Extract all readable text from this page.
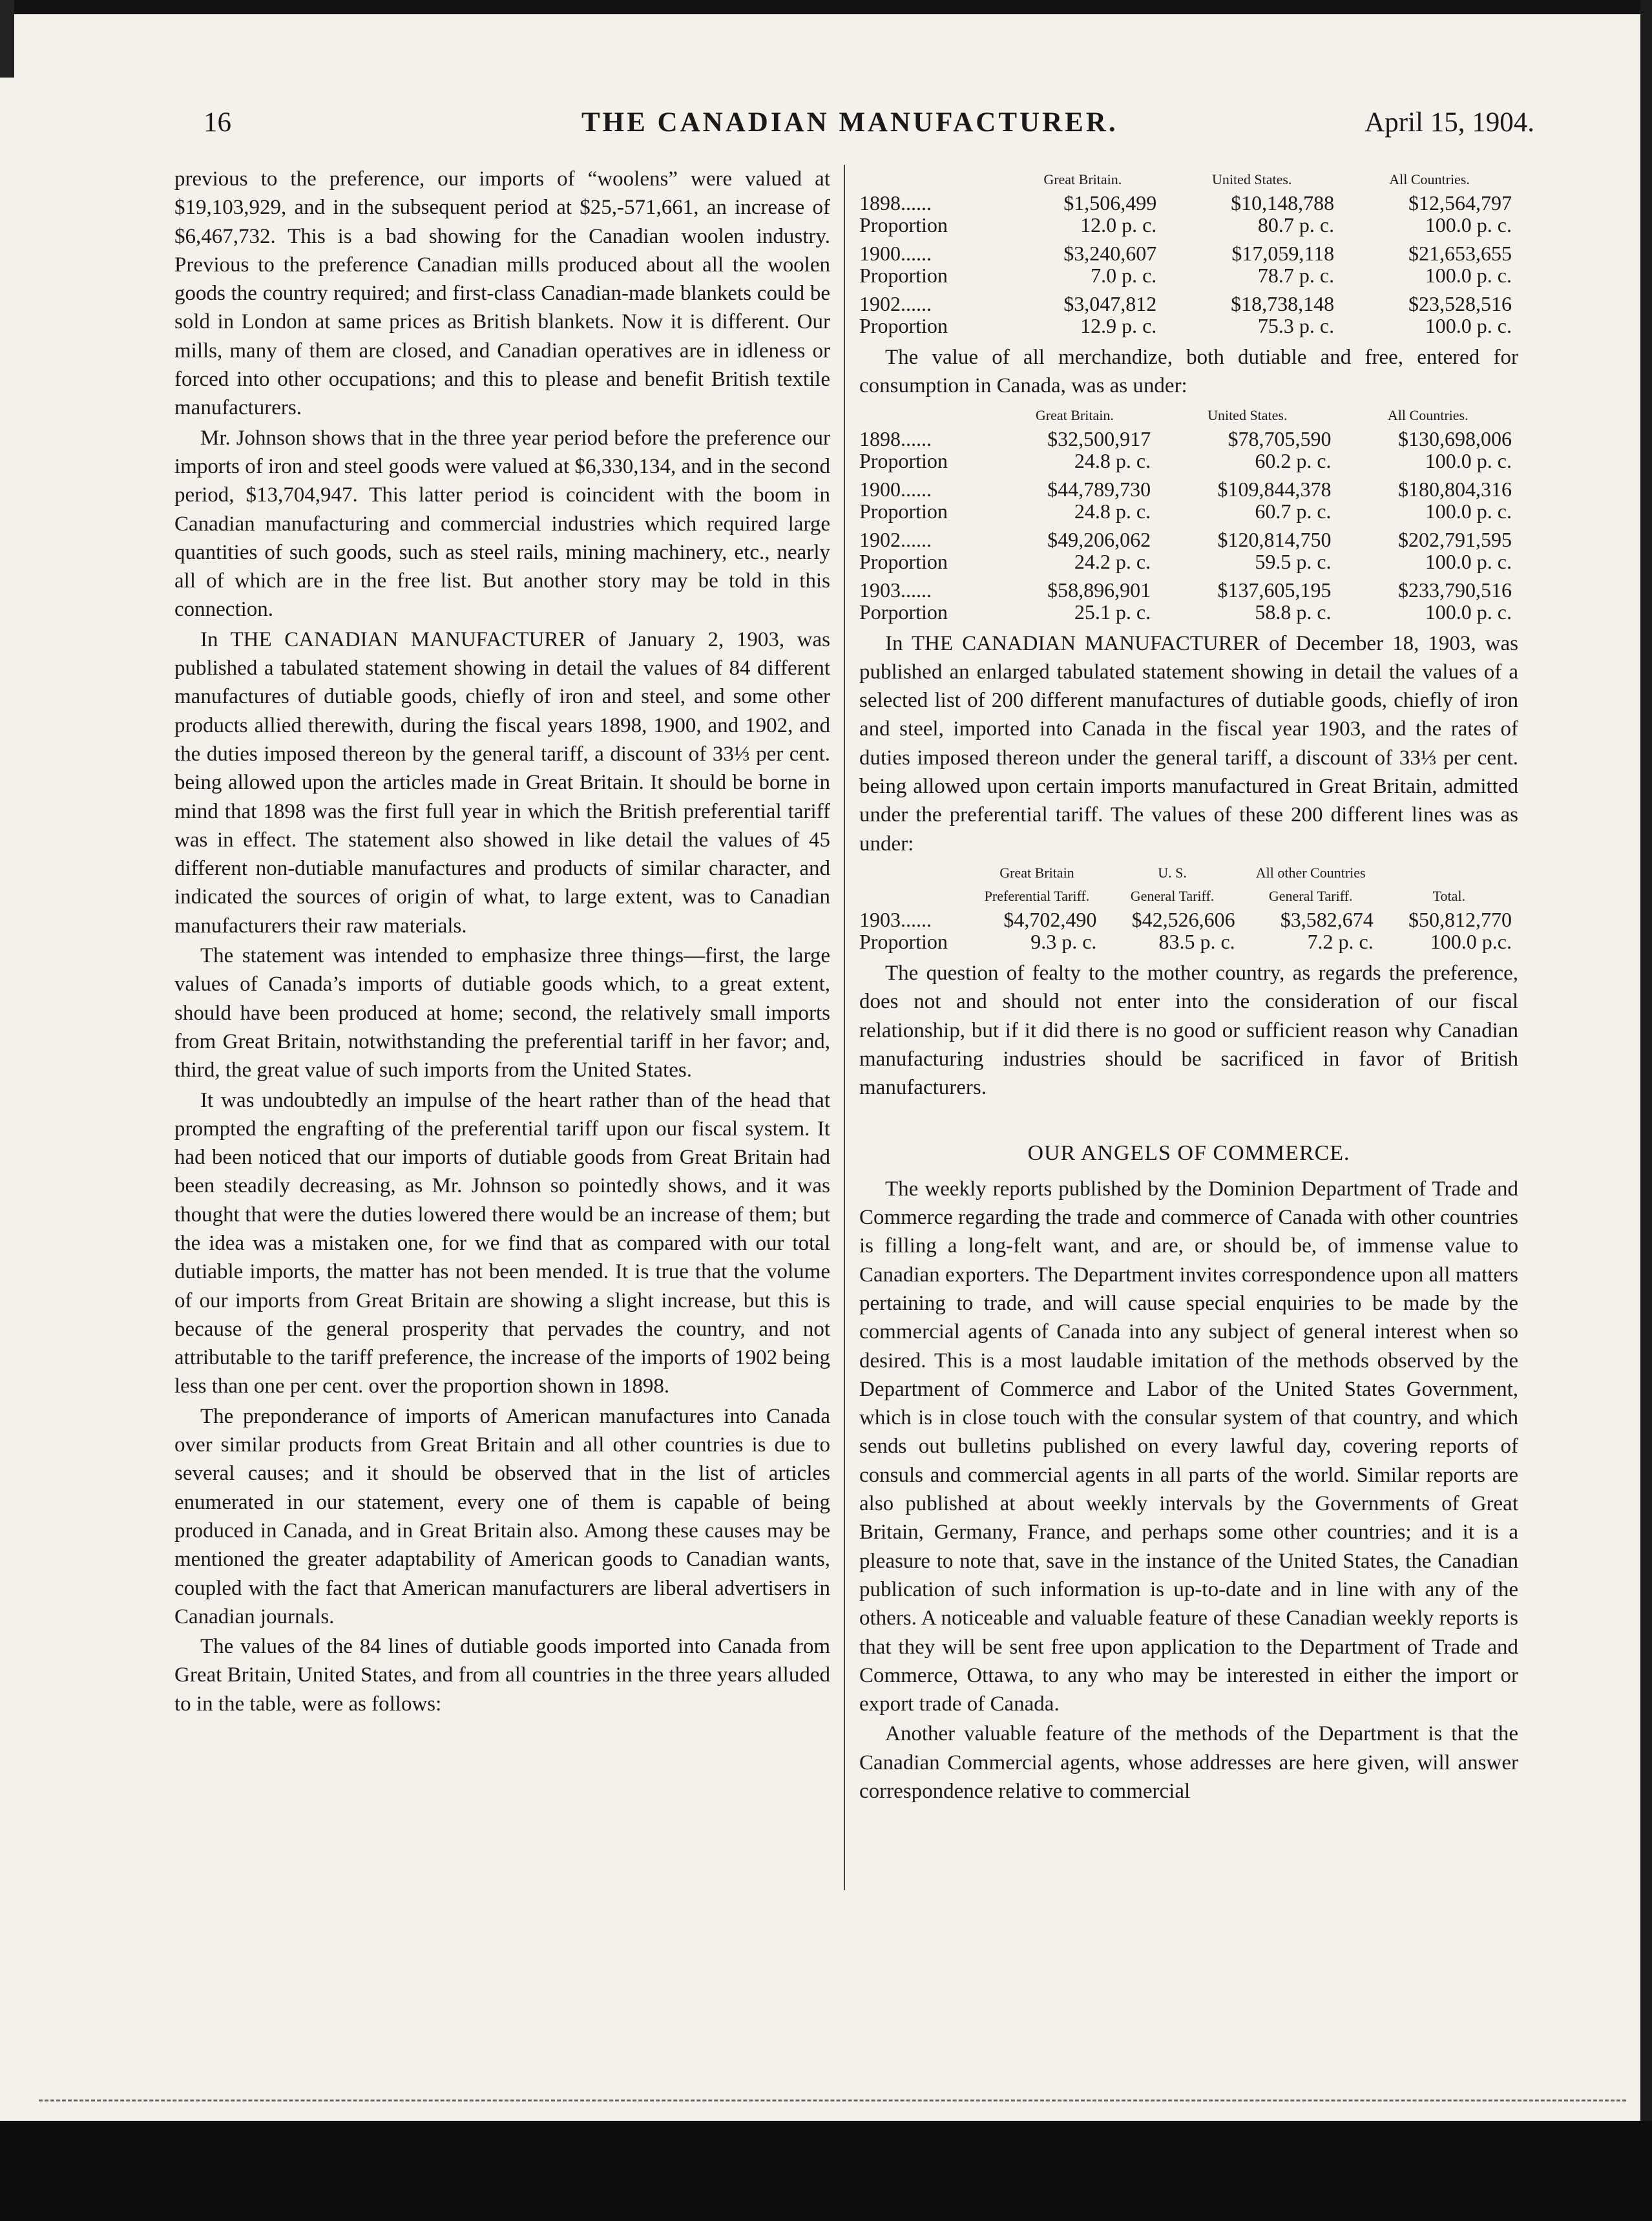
16	THE CANADIAN MANUFACTURER.	April 15, 1904.

previous to the preference, our imports of “woolens” were valued at $19,103,929, and in the subsequent period at $25,-571,661, an increase of $6,467,732. This is a bad showing for the Canadian woolen industry. Previous to the preference Canadian mills produced about all the woolen goods the country required; and first-class Canadian-made blankets could be sold in London at same prices as British blankets. Now it is different. Our mills, many of them are closed, and Canadian operatives are in idleness or forced into other occupations; and this to please and benefit British textile manufacturers.

Mr. Johnson shows that in the three year period before the preference our imports of iron and steel goods were valued at $6,330,134, and in the second period, $13,704,947. This latter period is coincident with the boom in Canadian manufacturing and commercial industries which required large quantities of such goods, such as steel rails, mining machinery, etc., nearly all of which are in the free list. But another story may be told in this connection.

In THE CANADIAN MANUFACTURER of January 2, 1903, was published a tabulated statement showing in detail the values of 84 different manufactures of dutiable goods, chiefly of iron and steel, and some other products allied therewith, during the fiscal years 1898, 1900, and 1902, and the duties imposed thereon by the general tariff, a discount of 33⅓ per cent. being allowed upon the articles made in Great Britain. It should be borne in mind that 1898 was the first full year in which the British preferential tariff was in effect. The statement also showed in like detail the values of 45 different non-dutiable manufactures and products of similar character, and indicated the sources of origin of what, to large extent, was to Canadian manufacturers their raw materials.

The statement was intended to emphasize three things—first, the large values of Canada’s imports of dutiable goods which, to a great extent, should have been produced at home; second, the relatively small imports from Great Britain, notwithstanding the preferential tariff in her favor; and, third, the great value of such imports from the United States.

It was undoubtedly an impulse of the heart rather than of the head that prompted the engrafting of the preferential tariff upon our fiscal system. It had been noticed that our imports of dutiable goods from Great Britain had been steadily decreasing, as Mr. Johnson so pointedly shows, and it was thought that were the duties lowered there would be an increase of them; but the idea was a mistaken one, for we find that as compared with our total dutiable imports, the matter has not been mended. It is true that the volume of our imports from Great Britain are showing a slight increase, but this is because of the general prosperity that pervades the country, and not attributable to the tariff preference, the increase of the imports of 1902 being less than one per cent. over the proportion shown in 1898.

The preponderance of imports of American manufactures into Canada over similar products from Great Britain and all other countries is due to several causes; and it should be observed that in the list of articles enumerated in our statement, every one of them is capable of being produced in Canada, and in Great Britain also. Among these causes may be mentioned the greater adaptability of American goods to Canadian wants, coupled with the fact that American manufacturers are liberal advertisers in Canadian journals.

The values of the 84 lines of dutiable goods imported into Canada from Great Britain, United States, and from all countries in the three years alluded to in the table, were as follows:

	Great Britain.	United States.	All Countries.
1898......	$1,506,499	$10,148,788	$12,564,797
Proportion	12.0 p. c.	80.7 p. c.	100.0 p. c.
1900......	$3,240,607	$17,059,118	$21,653,655
Proportion	7.0 p. c.	78.7 p. c.	100.0 p. c.
1902......	$3,047,812	$18,738,148	$23,528,516
Proportion	12.9 p. c.	75.3 p. c.	100.0 p. c.

The value of all merchandize, both dutiable and free, entered for consumption in Canada, was as under:

	Great Britain.	United States.	All Countries.
1898......	$32,500,917	$78,705,590	$130,698,006
Proportion	24.8 p. c.	60.2 p. c.	100.0 p. c.
1900......	$44,789,730	$109,844,378	$180,804,316
Proportion	24.8 p. c.	60.7 p. c.	100.0 p. c.
1902......	$49,206,062	$120,814,750	$202,791,595
Proportion	24.2 p. c.	59.5 p. c.	100.0 p. c.
1903......	$58,896,901	$137,605,195	$233,790,516
Porportion	25.1 p. c.	58.8 p. c.	100.0 p. c.

In THE CANADIAN MANUFACTURER of December 18, 1903, was published an enlarged tabulated statement showing in detail the values of a selected list of 200 different manufactures of dutiable goods, chiefly of iron and steel, imported into Canada in the fiscal year 1903, and the rates of duties imposed thereon under the general tariff, a discount of 33⅓ per cent. being allowed upon certain imports manufactured in Great Britain, admitted under the preferential tariff. The values of these 200 different lines was as under:

	Great Britain	U. S.	All other Countries	
	Preferential Tariff.	General Tariff.	General Tariff.	Total.
1903......	$4,702,490	$42,526,606	$3,582,674	$50,812,770
Proportion	9.3 p. c.	83.5 p. c.	7.2 p. c.	100.0 p.c.

The question of fealty to the mother country, as regards the preference, does not and should not enter into the consideration of our fiscal relationship, but if it did there is no good or sufficient reason why Canadian manufacturing industries should be sacrificed in favor of British manufacturers.

OUR ANGELS OF COMMERCE.

The weekly reports published by the Dominion Department of Trade and Commerce regarding the trade and commerce of Canada with other countries is filling a long-felt want, and are, or should be, of immense value to Canadian exporters. The Department invites correspondence upon all matters pertaining to trade, and will cause special enquiries to be made by the commercial agents of Canada into any subject of general interest when so desired. This is a most laudable imitation of the methods observed by the Department of Commerce and Labor of the United States Government, which is in close touch with the consular system of that country, and which sends out bulletins published on every lawful day, covering reports of consuls and commercial agents in all parts of the world. Similar reports are also published at about weekly intervals by the Governments of Great Britain, Germany, France, and perhaps some other countries; and it is a pleasure to note that, save in the instance of the United States, the Canadian publication of such information is up-to-date and in line with any of the others. A noticeable and valuable feature of these Canadian weekly reports is that they will be sent free upon application to the Department of Trade and Commerce, Ottawa, to any who may be interested in either the import or export trade of Canada.

Another valuable feature of the methods of the Department is that the Canadian Commercial agents, whose addresses are here given, will answer correspondence relative to commercial
